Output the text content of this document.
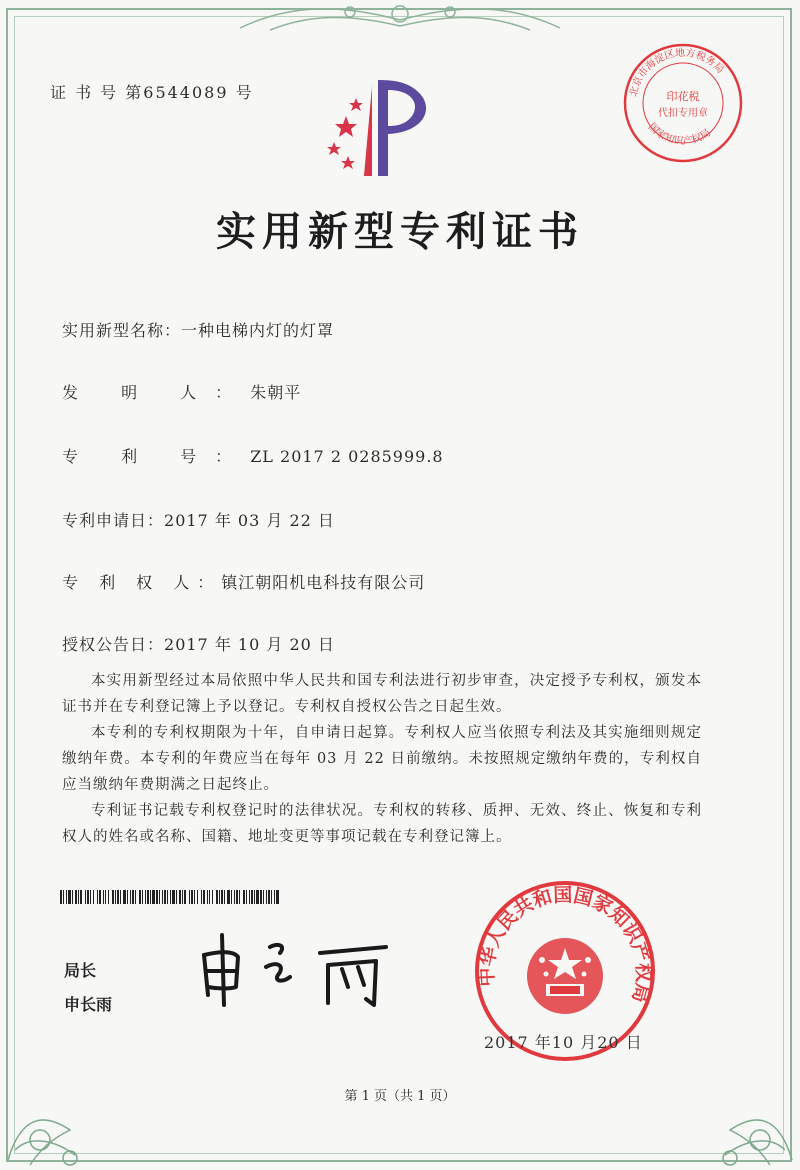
证 书 号 第6544089 号	北京市海淀区地方税务局
印花税
代扣专用章
国家知识产权局
实用新型专利证书
实用新型名称：一种电梯内灯的灯罩
发 明 人：朱朝平
专 利 号：ZL 2017 2 0285999.8
专利申请日：2017 年 03 月 22 日
专 利 权 人：镇江朝阳机电科技有限公司
授权公告日：2017 年 10 月 20 日

本实用新型经过本局依照中华人民共和国专利法进行初步审查，决定授予专利权，颁发本证书并在专利登记簿上予以登记。专利权自授权公告之日起生效。

本专利的专利权期限为十年，自申请日起算。专利权人应当依照专利法及其实施细则规定缴纳年费。本专利的年费应当在每年 03 月 22 日前缴纳。未按照规定缴纳年费的，专利权自应当缴纳年费期满之日起终止。

专利证书记载专利权登记时的法律状况。专利权的转移、质押、无效、终止、恢复和专利权人的姓名或名称、国籍、地址变更等事项记载在专利登记簿上。

局长
申长雨
中华人民共和国国家知识产权局
2017 年10 月20 日
第 1 页（共 1 页）
